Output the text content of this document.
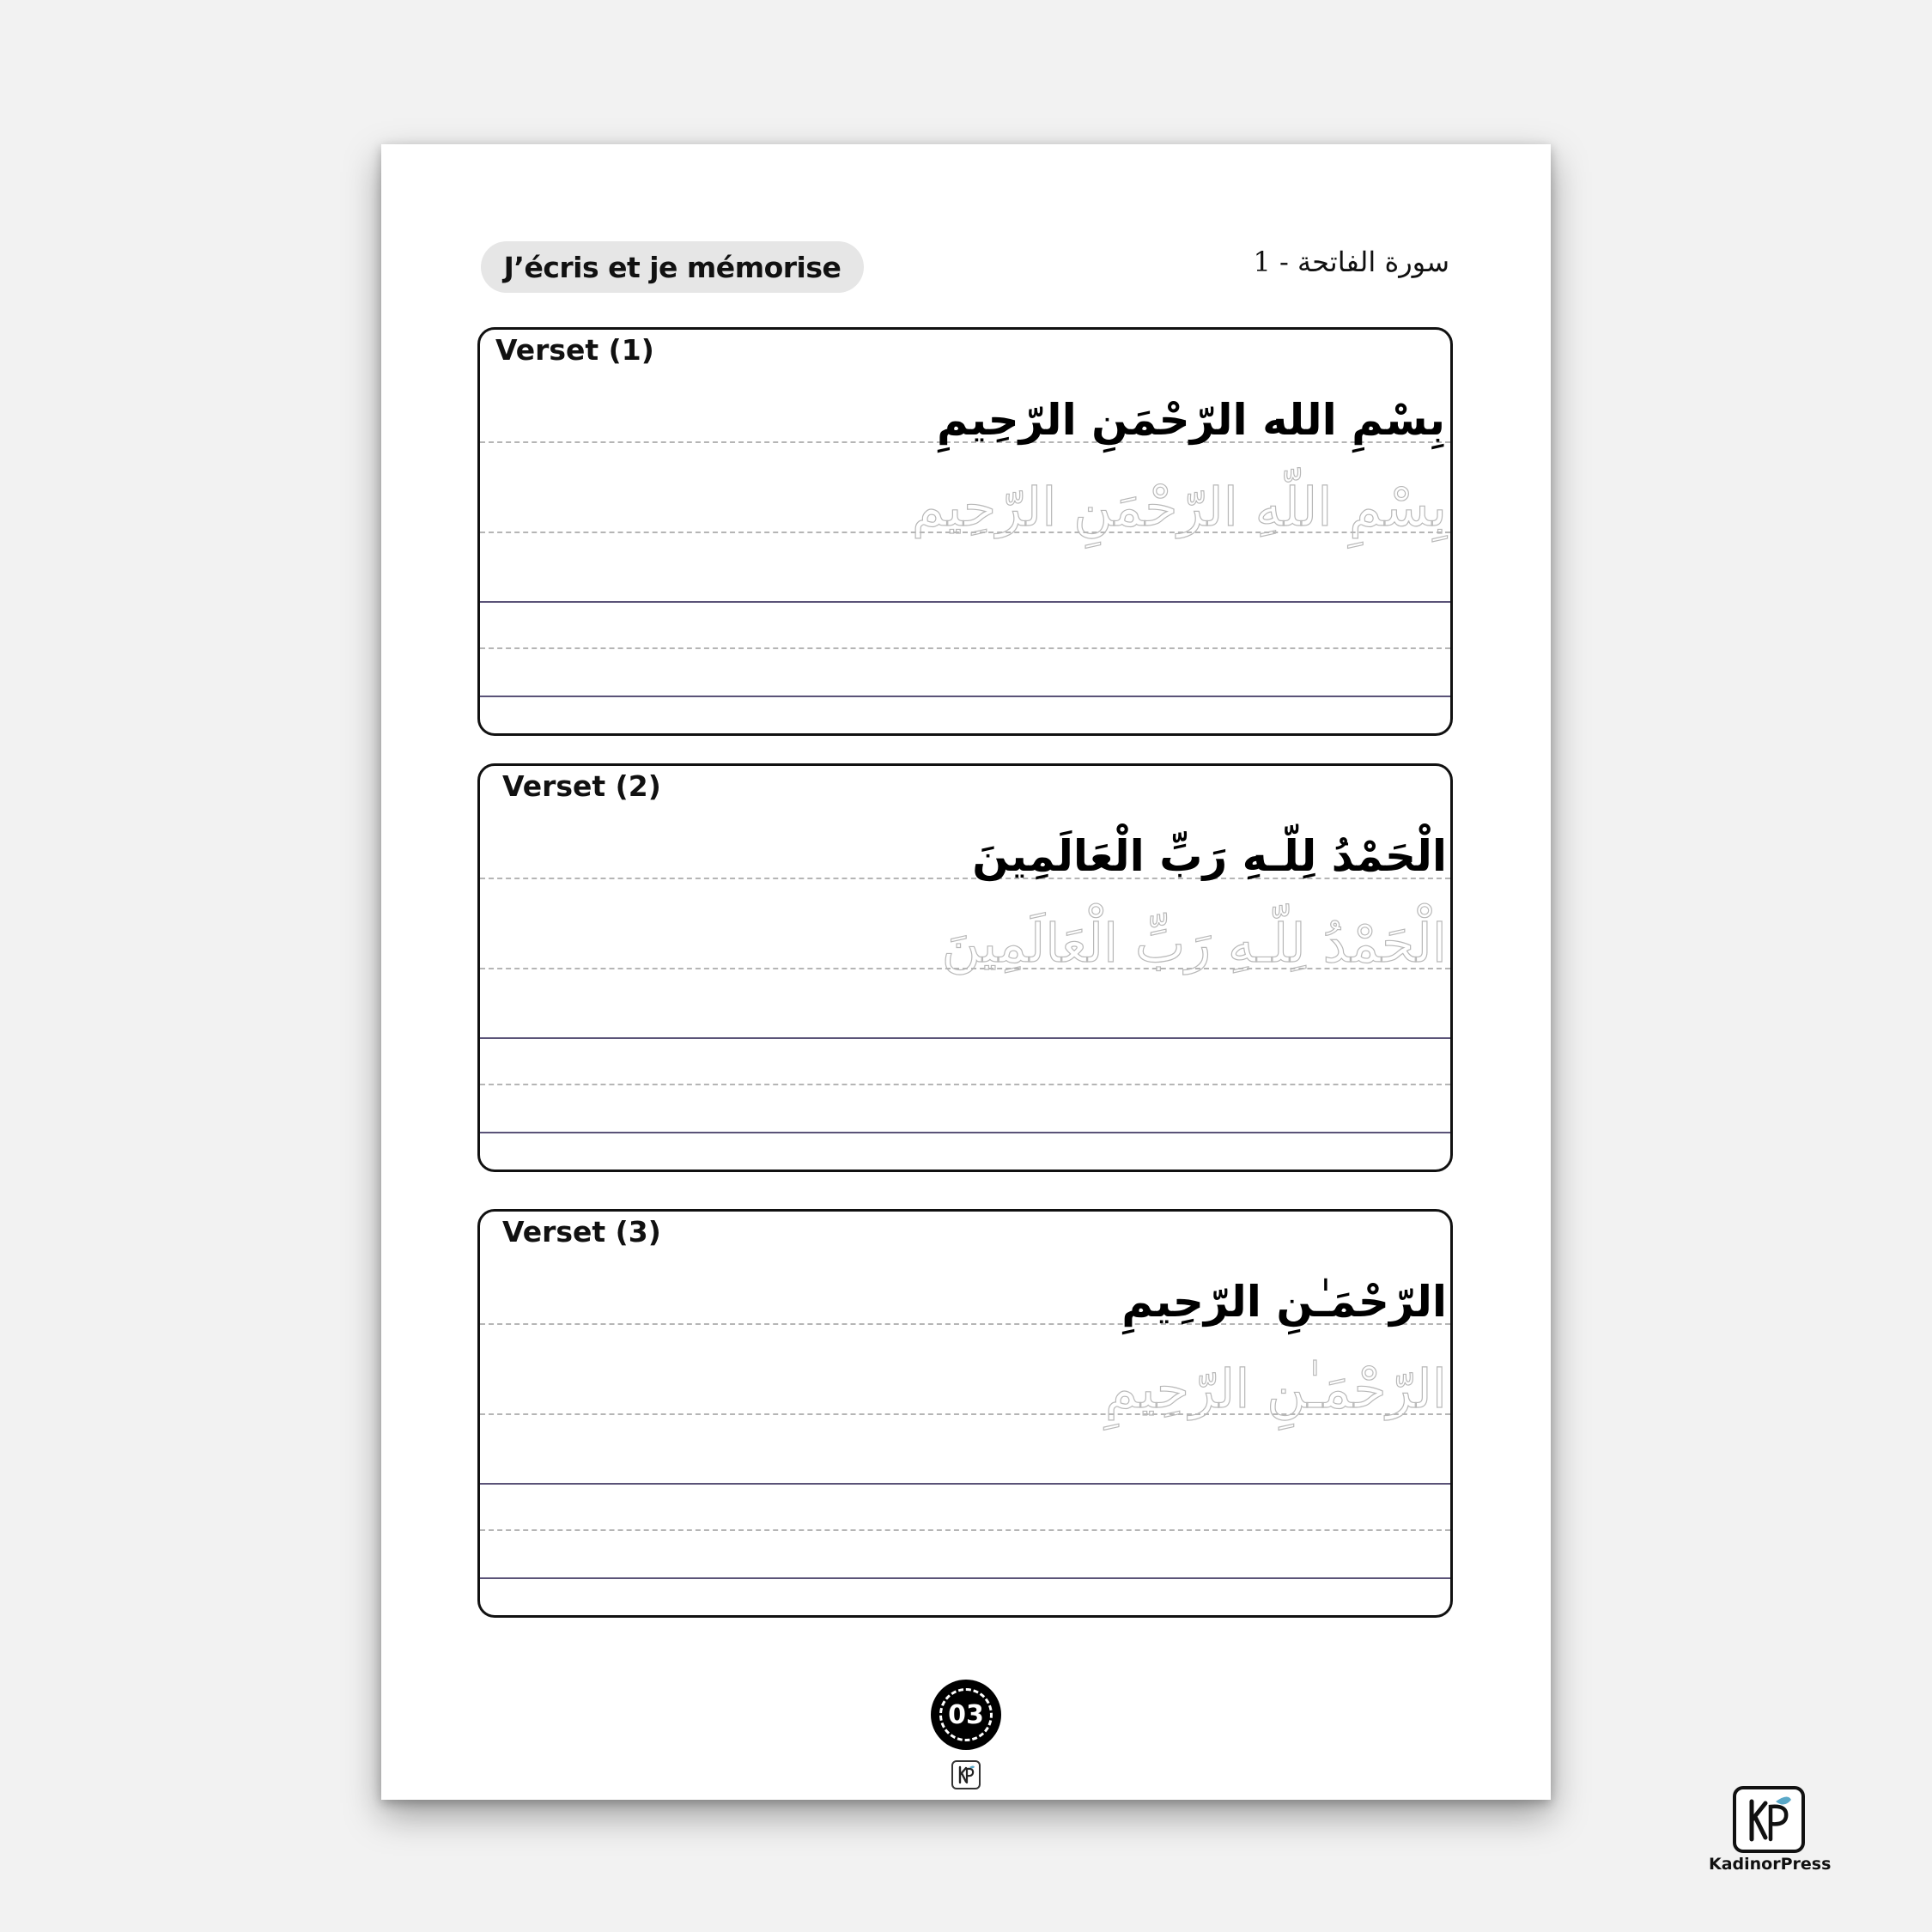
J’écris et je mémorise	سورة الفاتحة - 1
Verset (1)
بِسْمِ الله الرّحْمَنِ الرّحِيمِ
بِسْمِ اللّهِ الرّحْمَنِ الرّحِيم
Verset (2)
الْحَمْدُ لِلّـهِ رَبِّ الْعَالَمِينَ
الْحَمْدُ لِلّـهِ رَبِّ الْعَالَمِينَ
Verset (3)
الرّحْمَـٰنِ الرّحِيمِ
الرّحْمَـٰنِ الرّحِيمِ
03
KadinorPress
